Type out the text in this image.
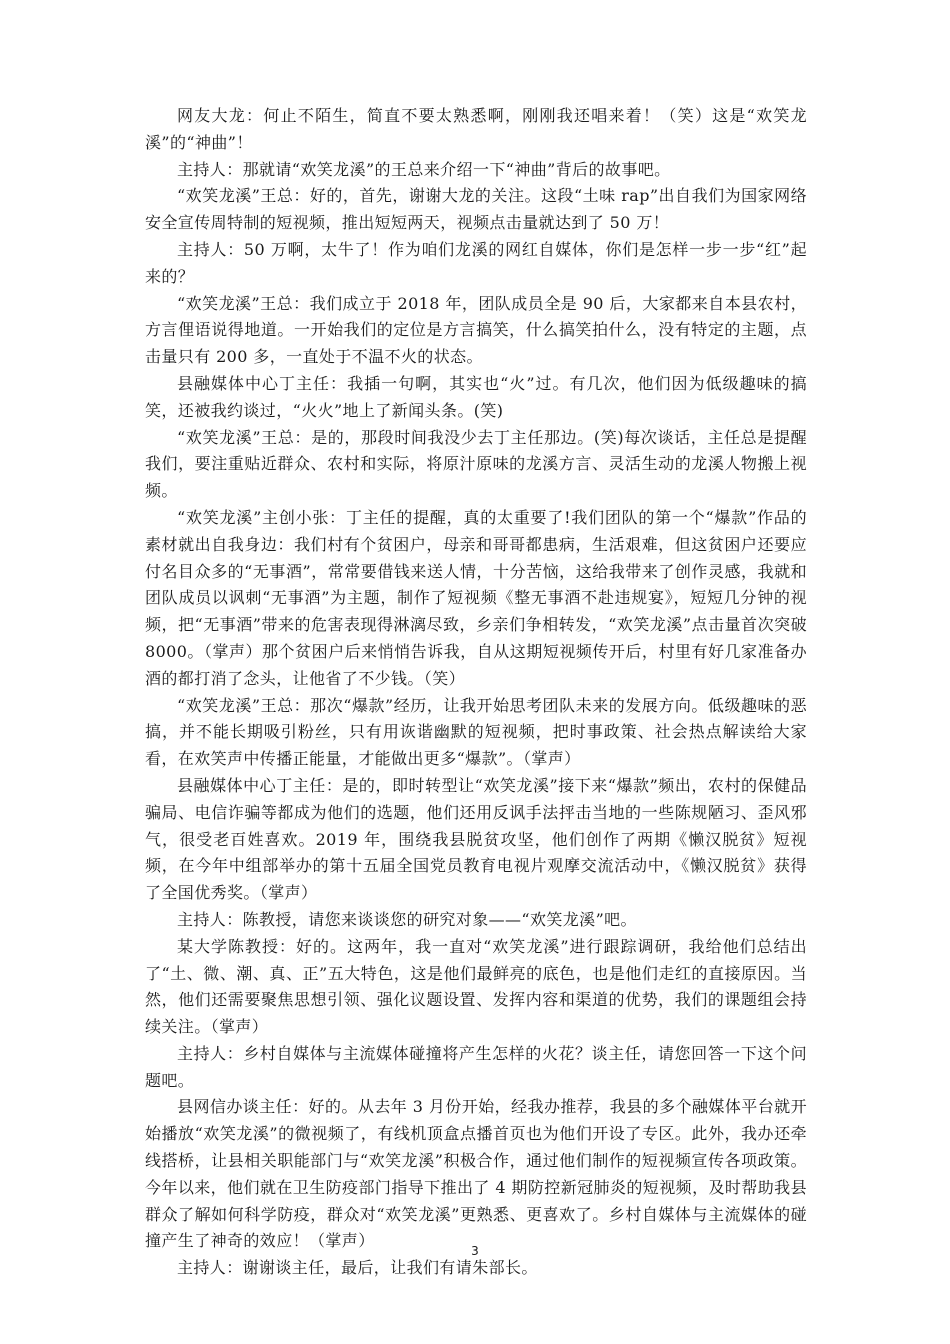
网友大龙：何止不陌生，简直不要太熟悉啊，刚刚我还唱来着！（笑）这是“欢笑龙溪”的“神曲”！

主持人：那就请“欢笑龙溪”的王总来介绍一下“神曲”背后的故事吧。

“欢笑龙溪”王总：好的，首先，谢谢大龙的关注。这段“土味 rap”出自我们为国家网络安全宣传周特制的短视频，推出短短两天，视频点击量就达到了 50 万！

主持人：50 万啊，太牛了！作为咱们龙溪的网红自媒体，你们是怎样一步一步“红”起来的？

“欢笑龙溪”王总：我们成立于 2018 年，团队成员全是 90 后，大家都来自本县农村，方言俚语说得地道。一开始我们的定位是方言搞笑，什么搞笑拍什么，没有特定的主题，点击量只有 200 多，一直处于不温不火的状态。

县融媒体中心丁主任：我插一句啊，其实也“火”过。有几次，他们因为低级趣味的搞笑，还被我约谈过，“火火”地上了新闻头条。(笑)

“欢笑龙溪”王总：是的，那段时间我没少去丁主任那边。(笑)每次谈话，主任总是提醒我们，要注重贴近群众、农村和实际，将原汁原味的龙溪方言、灵活生动的龙溪人物搬上视频。

“欢笑龙溪”主创小张：丁主任的提醒，真的太重要了!我们团队的第一个“爆款”作品的素材就出自我身边：我们村有个贫困户，母亲和哥哥都患病，生活艰难，但这贫困户还要应付名目众多的“无事酒”，常常要借钱来送人情，十分苦恼，这给我带来了创作灵感，我就和团队成员以讽刺“无事酒”为主题，制作了短视频《整无事酒不赴违规宴》，短短几分钟的视频，把“无事酒”带来的危害表现得淋漓尽致，乡亲们争相转发，“欢笑龙溪”点击量首次突破 8000。（掌声）那个贫困户后来悄悄告诉我，自从这期短视频传开后，村里有好几家准备办酒的都打消了念头，让他省了不少钱。（笑）

“欢笑龙溪”王总：那次“爆款”经历，让我开始思考团队未来的发展方向。低级趣味的恶搞，并不能长期吸引粉丝，只有用诙谐幽默的短视频，把时事政策、社会热点解读给大家看，在欢笑声中传播正能量，才能做出更多“爆款”。（掌声）

县融媒体中心丁主任：是的，即时转型让“欢笑龙溪”接下来“爆款”频出，农村的保健品骗局、电信诈骗等都成为他们的选题，他们还用反讽手法抨击当地的一些陈规陋习、歪风邪气，很受老百姓喜欢。2019 年，围绕我县脱贫攻坚，他们创作了两期《懒汉脱贫》短视频，在今年中组部举办的第十五届全国党员教育电视片观摩交流活动中，《懒汉脱贫》获得了全国优秀奖。（掌声）

主持人：陈教授，请您来谈谈您的研究对象——“欢笑龙溪”吧。

某大学陈教授：好的。这两年，我一直对“欢笑龙溪”进行跟踪调研，我给他们总结出了“土、微、潮、真、正”五大特色，这是他们最鲜亮的底色，也是他们走红的直接原因。当然，他们还需要聚焦思想引领、强化议题设置、发挥内容和渠道的优势，我们的课题组会持续关注。（掌声）

主持人：乡村自媒体与主流媒体碰撞将产生怎样的火花？谈主任，请您回答一下这个问题吧。

县网信办谈主任：好的。从去年 3 月份开始，经我办推荐，我县的多个融媒体平台就开始播放“欢笑龙溪”的微视频了，有线机顶盒点播首页也为他们开设了专区。此外，我办还牵线搭桥，让县相关职能部门与“欢笑龙溪”积极合作，通过他们制作的短视频宣传各项政策。今年以来，他们就在卫生防疫部门指导下推出了 4 期防控新冠肺炎的短视频，及时帮助我县群众了解如何科学防疫，群众对“欢笑龙溪”更熟悉、更喜欢了。乡村自媒体与主流媒体的碰撞产生了神奇的效应！（掌声）

主持人：谢谢谈主任，最后，让我们有请朱部长。

3
